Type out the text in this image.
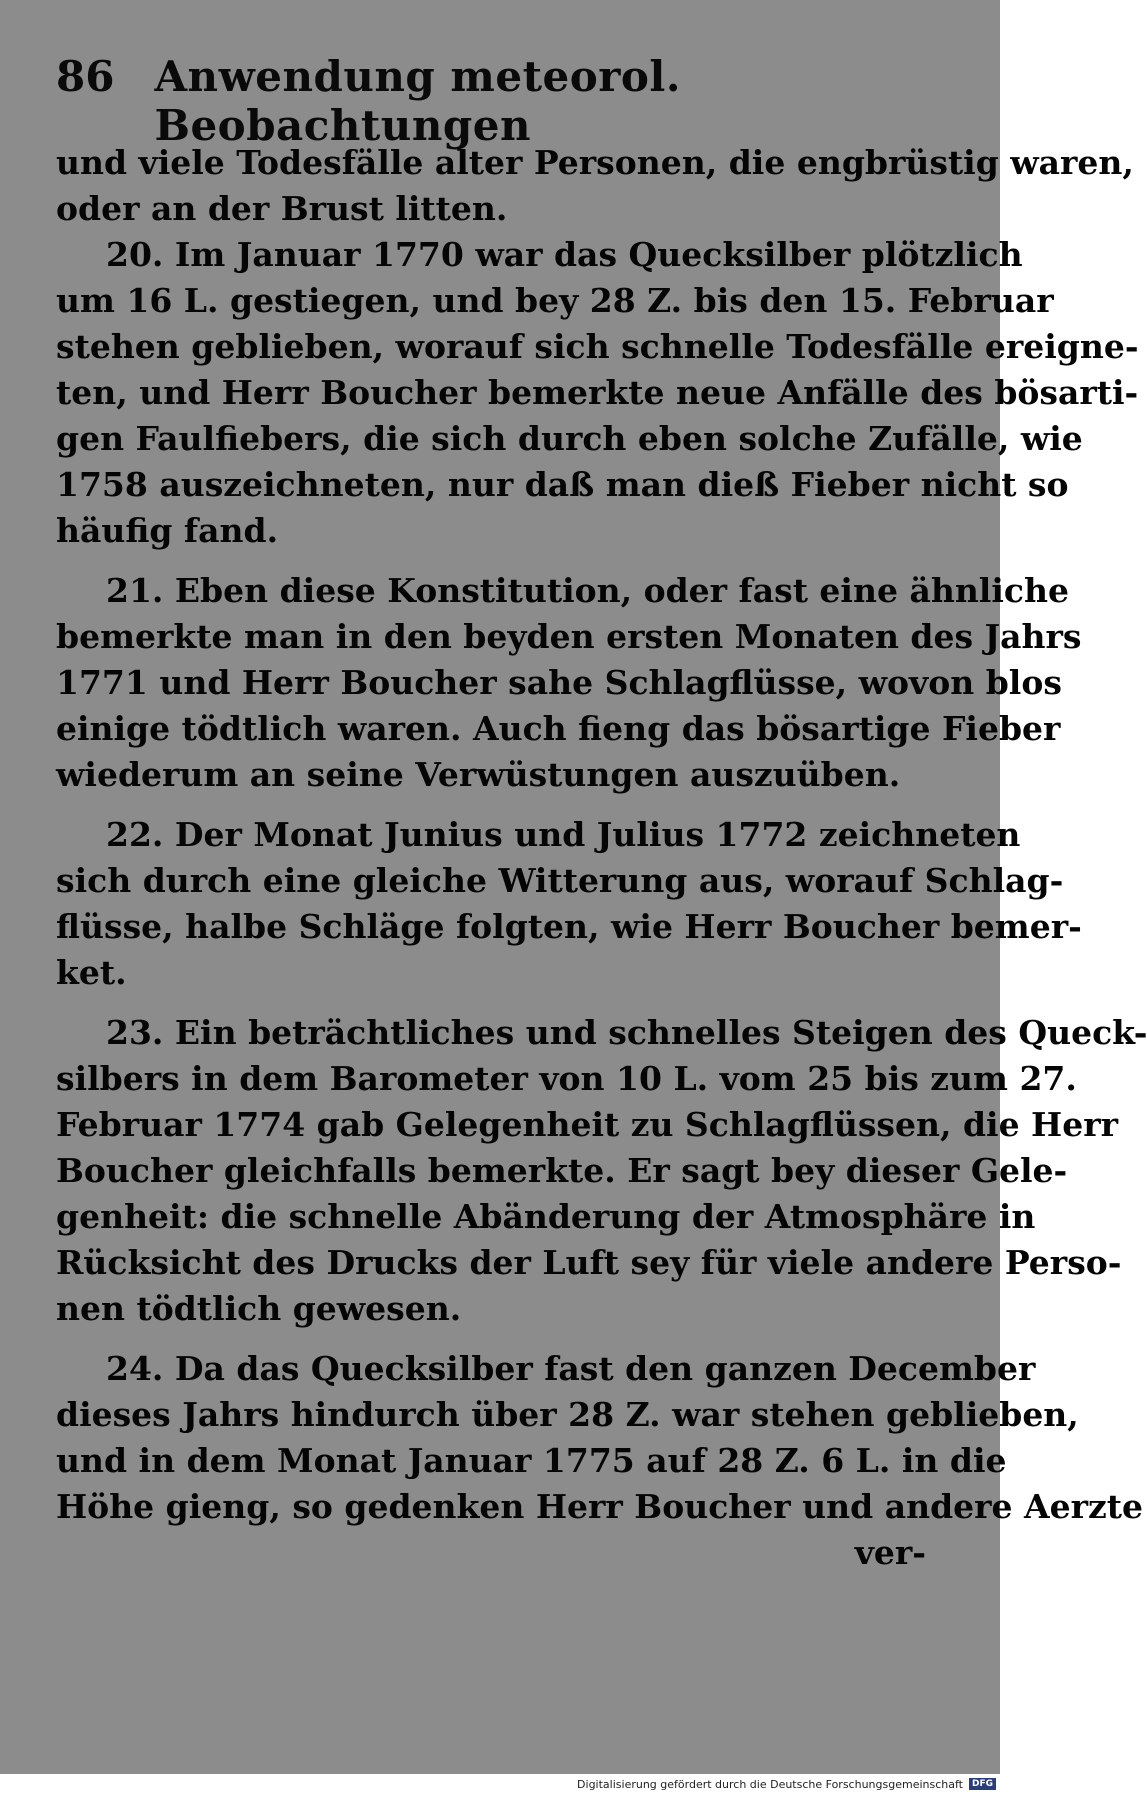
86 Anwendung meteorol. Beobachtungen
und viele Todesfälle alter Personen, die engbrüstig waren,
oder an der Brust litten.
20. Im Januar 1770 war das Quecksilber plötzlich
um 16 L. gestiegen, und bey 28 Z. bis den 15. Februar
stehen geblieben, worauf sich schnelle Todesfälle ereigne-
ten, und Herr Boucher bemerkte neue Anfälle des bösarti-
gen Faulfiebers, die sich durch eben solche Zufälle, wie
1758 auszeichneten, nur daß man dieß Fieber nicht so
häufig fand.
21. Eben diese Konstitution, oder fast eine ähnliche
bemerkte man in den beyden ersten Monaten des Jahrs
1771 und Herr Boucher sahe Schlagflüsse, wovon blos
einige tödtlich waren. Auch fieng das bösartige Fieber
wiederum an seine Verwüstungen auszuüben.
22. Der Monat Junius und Julius 1772 zeichneten
sich durch eine gleiche Witterung aus, worauf Schlag-
flüsse, halbe Schläge folgten, wie Herr Boucher bemer-
ket.
23. Ein beträchtliches und schnelles Steigen des Queck-
silbers in dem Barometer von 10 L. vom 25 bis zum 27.
Februar 1774 gab Gelegenheit zu Schlagflüssen, die Herr
Boucher gleichfalls bemerkte. Er sagt bey dieser Gele-
genheit: die schnelle Abänderung der Atmosphäre in
Rücksicht des Drucks der Luft sey für viele andere Perso-
nen tödtlich gewesen.
24. Da das Quecksilber fast den ganzen December
dieses Jahrs hindurch über 28 Z. war stehen geblieben,
und in dem Monat Januar 1775 auf 28 Z. 6 L. in die
Höhe gieng, so gedenken Herr Boucher und andere Aerzte
ver-
Digitalisierung gefördert durch die Deutsche Forschungsgemeinschaft	DFG
